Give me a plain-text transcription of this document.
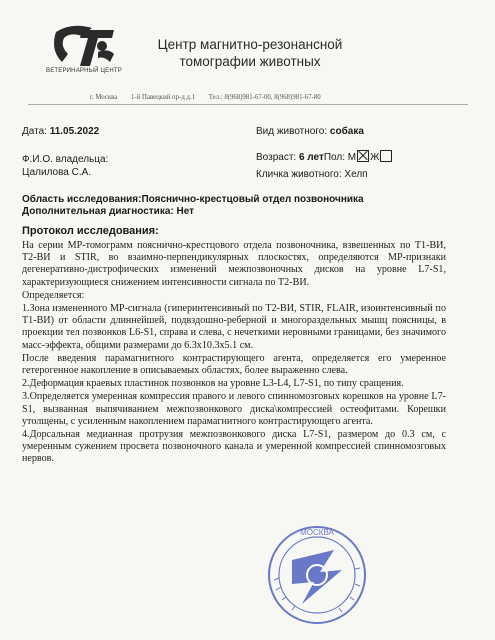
ВЕТЕРИНАРНЫЙ ЦЕНТР
Центр магнитно-резонансной
томографии животных
г. Москва 1-й Павецкий пр-д д.1 Тел.: 8(968)981-67-00, 8(968)981-67-80
Дата: 11.05.2022	Вид животного: собака
Ф.И.О. владельца:
Цалилова С.А.
Возраст: 6 летПол: М Ж
Кличка животного: Хелп
Область исследования:Пояснично-крестцовый отдел позвоночника
Дополнительная диагностика: Нет
Протокол исследования:

На серии МР-томограмм пояснично-крестцового отдела позвоночника, взвешенных по Т1-ВИ, Т2-ВИ и STIR, во взаимно-перпендикулярных плоскостях, определяются МР-признаки дегенеративно-дистрофических изменений межпозвоночных дисков на уровне L7-S1, характеризующиеся снижением интенсивности сигнала по Т2-ВИ.

Определяется:

1.Зона измененного МР-сигнала (гиперинтенсивный по Т2-ВИ, STIR, FLAIR, изоинтенсивный по Т1-ВИ) от области длиннейшей, подвздошно-реберной и многораздельных мышц поясницы, в проекции тел позвонков L6-S1, справа и слева, с нечеткими неровными границами, без значимого масс-эффекта, общими размерами до 6.3х10.3х5.1 см.

После введения парамагнитного контрастирующего агента, определяется его умеренное гетерогенное накопление в описываемых областях, более выраженно слева.

2.Деформация краевых пластинок позвонков на уровне L3-L4, L7-S1, по типу сращения.

3.Определяется умеренная компрессия правого и левого спинномозговых корешков на уровне L7-S1, вызванная выпячиванием межпозвонкового диска\компрессией остеофитами. Корешки утолщены, с усиленным накоплением парамагнитного контрастирующего агента.

4.Дорсальная медианная протрузия межпозвонкового диска L7-S1, размером до 0.3 см, с умеренным сужением просвета позвоночного канала и умеренной компрессией спинномозговых нервов.

МОСКВА
